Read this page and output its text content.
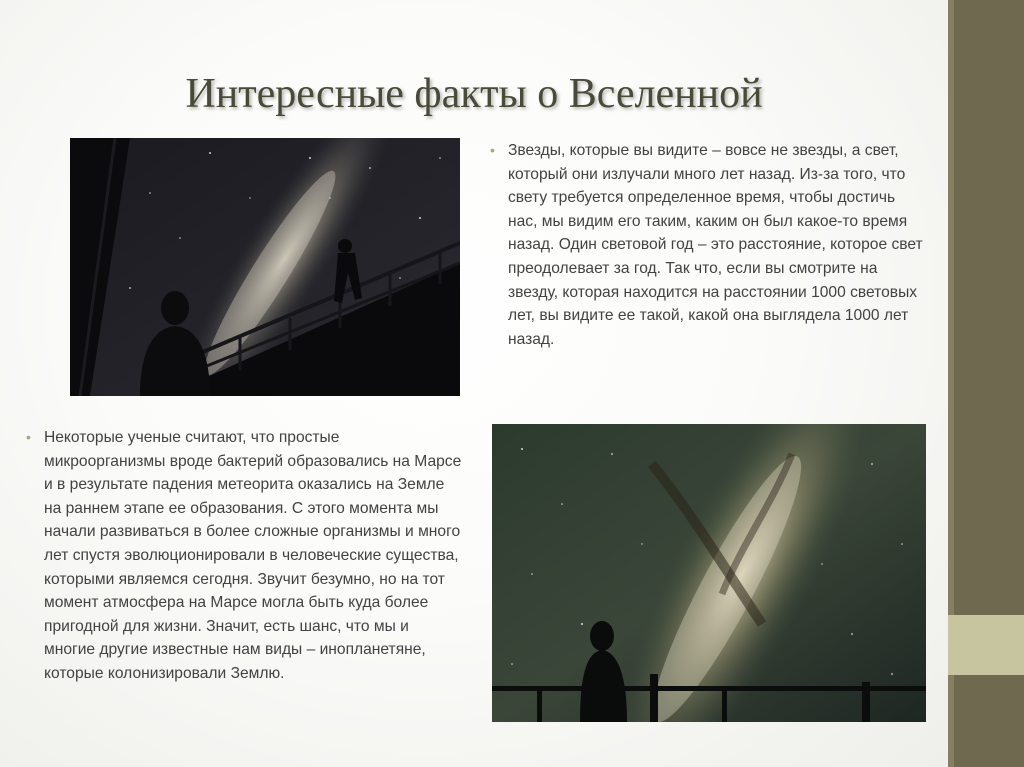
Интересные факты о Вселенной
• Звезды, которые вы видите – вовсе не звезды, а свет, который они излучали много лет назад. Из-за того, что свету требуется определенное время, чтобы достичь нас, мы видим его таким, каким он был какое-то время назад. Один световой год – это расстояние, которое свет преодолевает за год. Так что, если вы смотрите на звезду, которая находится на расстоянии 1000 световых лет, вы видите ее такой, какой она выглядела 1000 лет назад.
• Некоторые ученые считают, что простые микроорганизмы вроде бактерий образовались на Марсе и в результате падения метеорита оказались на Земле на раннем этапе ее образования. С этого момента мы начали развиваться в более сложные организмы и много лет спустя эволюционировали в человеческие существа, которыми являемся сегодня. Звучит безумно, но на тот момент атмосфера на Марсе могла быть куда более пригодной для жизни. Значит, есть шанс, что мы и многие другие известные нам виды – инопланетяне, которые колонизировали Землю.
